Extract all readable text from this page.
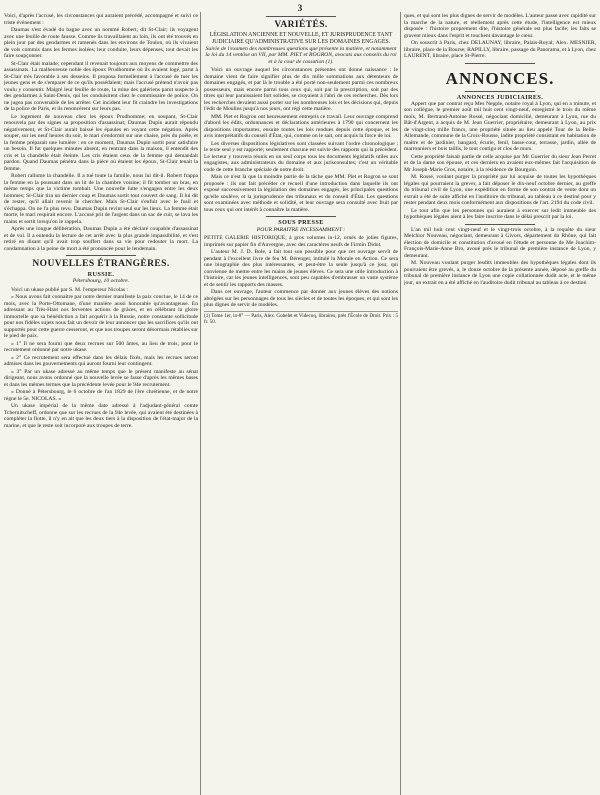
3

Voici, d'après l'accusé, les circonstances qui auraient précédé, accompagné et suivi ce triste événement :

Daumas s'est évadé du bagne avec un nommé Robert, dit St-Clair; ils voyagent avec une feuille de route fausse. Comme ils travaillaient au loin, ils ont été trouvés en plein jour par des gendarmes et ramenés dans les environs de Toulon, où ils vivaient de vols commis dans les fermes isolées; leur conduite, leurs dépenses, tout devait les faire soupçonner.

St-Clair était malade; cependant il revenait toujours aux moyens de commettre des assassinats. La malheureuse noble des époux Prudhomme où ils avaient logé, parut à St-Clair très favorable à ses desseins. Il proposa formellement à l'accusé de tuer les jeunes gens et de s'emparer de ce qu'ils possédaient; mais l'accusé prétend n'avoir pas voulu y consentir. Malgré leur feuille de route, la mine des galériens parut suspecte à des gendarmes à Saint-Denis, qui les conduisirent chez le commissaire de police. On ne jugea pas convenable de les arrêter. Cet incident leur fit craindre les investigations de la police de Paris, et ils renoncèrent sur leurs pas.

Le logement de nouveau chez les époux Prudhomme; en soupant, St-Clair renouvela par des signes sa proposition d'assassinat; Daumas Dupin aurait répondu négativement, et St-Clair aurait baissé les épaules en voyant cette négation. Après souper, sur les neuf heures du soir, le mari s'endormit sur une chaise, près du poêle, et la femme préparait une lumière : en ce moment, Daumas Dupin sortit pour satisfaire un besoin. Il fut quelques minutes absent; en rentrant dans la maison, il entendit des cris et la chandelle était éteinte. Les cris étaient ceux de la femme qui demandait pardon. Quand Daumas pénétra dans la pièce où étaient les époux, St-Clair tenait la femme.

Robert rallume la chandelle. Il a tué toute la famille, nous lui dit-il. Robert frappa la femme en la poussant dans un lit de la chambre voisine; il fit tomber un bras, en même temps que la victime tombait. Une nouvelle lutte s'engagea entre les deux hommes; St-Clair tira un dernier coup et Daumas sortit tout couvert de sang. Il lui dit de rester, qu'il allait revenir le chercher. Mais St-Clair s'enfuit avec le fusil et s'échappa. On ne l'a plus revu. Daumas Dupin revint seul sur les lieux. La femme était morte, le mari respirait encore. L'accusé prit de l'argent dans un sac de cuir, se lava les mains et sortit lorsqu'on le rappela.

Après une longue délibération, Daumas Dupin a été déclaré coupable d'assassinat et de vol. Il a entendu la lecture de cet arrêt avec la plus grande impassibilité, et s'est retiré en disant qu'il avait trop souffert dans sa vie pour redouter la mort. La condamnation à la peine de mort a été prononcée pour le lendemain.

NOUVELLES ÉTRANGÈRES.
RUSSIE.
Pétersbourg, 10 octobre.

Voici un ukase publié par S. M. l'empereur Nicolas :

« Nous avons fait connaître par notre dernier manifeste la paix conclue, le 14 de ce mois, avec la Porte-Ottomane, d'une manière aussi honorable qu'avantageuse. En adressant au Très-Haut nos ferventes actions de grâces, et en célébrant la gloire immortelle que sa bénédiction a fait acquérir à la Russie, notre constante sollicitude pour nos fidèles sujets nous fait un devoir de leur annoncer que les sacrifices qu'ils ont supportés pour cette guerre cesseront, et que nos troupes seront désormais rétablies sur le pied de paix.

« 1° Il ne sera fourni que deux recrues sur 500 âmes, au lieu de trois, pour le recrutement ordonné par notre ukase.

« 2° Ce recrutement sera effectué dans les délais fixés, mais les recrues seront admises dans les gouvernements qui auront fourni leur contingent.

« 3° Par un ukase adressé au même temps que le présent manifeste au sénat dirigeant, nous avons ordonné que la nouvelle levée se fasse d'après les mêmes bases et dans les mêmes termes que la précédente levée pour le 94e recrutement.

« Donné à Pétersbourg, le 6 octobre de l'an 1829 de l'ère chrétienne, et de notre règne le 5e. NICOLAS. »

Un ukase impérial de la même date adressé à l'adjudant-général comte Tchernitscheff, ordonne que sur les recrues de la 94e levée, qui avaient été destinées à compléter la flotte, il n'y en ait que les deux tiers à la disposition de l'état-major de la marine, et que le reste soit incorporé aux troupes de terre.

VARIÉTÉS.
LÉGISLATION ANCIENNE ET NOUVELLE, ET JURISPRUDENCE TANT JUDICIAIRE QU'ADMINISTRATIVE SUR LES DOMAINES ENGAGÉS.
Suivie de l'examen des nombreuses questions que présente la matière, et notamment la loi du 14 ventôse an VII, par MM. PIET et ROGRON, avocats aux conseils du roi et à la cour de cassation (1).

Voici un ouvrage auquel les circonstances présentes ont donné naissance : le domaine vient de faire signifier plus de dix mille sommations aux détenteurs de domaines engagés, et par là le trouble a été porté non-seulement parmi ces nombreux possesseurs, mais encore parmi tous ceux qui, soit par la prescription, soit par des titres qui leur paraissaient fort solides, se croyaient à l'abri de ces recherches. Dès lors les recherches devaient aussi porter sur les nombreuses lois et les décisions qui, depuis l'édit de Moulins jusqu'à nos jours, ont régi cette matière.

MM. Piet et Rogron ont heureusement entrepris ce travail. Leur ouvrage comprend d'abord les édits, ordonnances et déclarations antérieures à 1790 qui concernent les dispositions importantes, ensuite toutes les lois rendues depuis cette époque, et les avis interprétatifs du conseil d'État, qui, comme on le sait, ont acquis la force de loi.

Les diverses dispositions législatives sont classées suivant l'ordre chronologique ; le texte seul y est rapporté; seulement chacune est suivie des rapports qui la précèdent. Le lecteur y trouvera réunis en un seul corps tous les documents législatifs utiles aux engagistes, aux administrateurs du domaine et aux jurisconsultes; c'est un véritable code de cette branche spéciale de notre droit.

Mais ce n'est là que la moindre partie de la tâche que MM. Piet et Rogron se sont proposée : ils ont fait précéder ce recueil d'une introduction dans laquelle ils ont exposé successivement la législation des domaines engagés, les principales questions qu'elle soulève, et la jurisprudence des tribunaux et du conseil d'État. Les questions sont examinées avec méthode et solidité, et leur ouvrage sera consulté avec fruit par tous ceux qui ont intérêt à connaître la matière.

SOUS PRESSE
POUR PARAITRE INCESSAMMENT :

PETITE GALERIE HISTORIQUE, à gros volumes in-12, ornés de jolies figures, imprimés sur papier fin d'Auvergne, avec des caractères neufs de Firmin Didot.

L'auteur M. J. D. Bole, a fait tout son possible pour que cet ouvrage servît de pendant à l'excellent livre de feu M. Bérenger, intitulé la Morale en Action. Ce sera une biographie des plus intéressantes, et peut-être la seule jusqu'à ce jour, qui convienne de mettre entre les mains de jeunes élèves. Ce sera une utile introduction à l'histoire, car les jeunes intelligences, sont peu capables d'embrasser un vaste système et de sentir les rapports des masses.

Dans cet ouvrage, l'auteur commence par donner aux jeunes élèves des notions abrégées sur les personnages de tous les siècles et de toutes les époques, et qui sont les plus dignes de servir de modèles.

(1) Tome 1er, in-8° — Paris, Alex. Gobelet et Videcoq, libraires, près l'École de Droit. Prix : 5 fr. 50.

ques, et qui sont les plus dignes de servir de modèles. L'auteur passe avec rapidité sur la marche de la nature, et réellement après cette étude, l'intelligence est mieux disposée : l'histoire proprement dite, l'histoire générale est plus facile; les faits se gravent mieux dans l'esprit et touchent davantage le cœur.

On souscrit à Paris, chez DELAUNAY, libraire, Palais-Royal; Alex. MESNIER, libraire, place de la Bourse; RAPILLY, libraire, passage du Panorama, et à Lyon, chez LAURENT, libraire, place St-Pierre.

ANNONCES.
ANNONCES JUDICIAIRES.

Appert que par contrat reçu Mes Nepple, notaire royal à Lyon, qui en a minute, et son collègue, le premier août mil huit cent vingt-neuf, enregistré le trois du même mois, M. Bertrand-Antoine Rossé, négociant domicilié, demeurant à Lyon, rue du Bât-d'Argent, a acquis de M. Jean Guerrier, propriétaire, demeurant à Lyon, au prix de vingt-cinq mille francs, une propriété située au lieu appelé Tour de la Belle-Allemande, commune de la Croix-Rousse, ladite propriété consistant en habitation de maître et de jardinier, hangard, écurie, fenil, basse-cour, terrasse, jardin, allée de marronniers et bois taillis, le tout contigu et clos de murs.

Cette propriété faisait partie de celle acquise par Mr Guerrier du sieur Jean Perret et de la dame son épouse, et ces derniers en avaient eux-mêmes fait l'acquisition de Mr Joseph-Marie Gros, notaire, à la résidence de Bourgoin.

M. Rossé, voulant purger la propriété par lui acquise de toutes les hypothèques légales qui pourraient la grever, a fait déposer le dix-neuf octobre dernier, au greffe du tribunal civil de Lyon, une expédition en forme de son contrat de vente dont un extrait a été de suite affiché en l'auditoire du tribunal, au tableau à ce destiné pour y rester pendant deux mois conformément aux dispositions de l'art. 2194 du code civil.

Le tout afin que les personnes qui auraient à exercer sur ledit immeuble des hypothèques légales aient à les faire inscrire dans le délai prescrit par la loi.

L'an mil huit cent vingt-neuf et le vingt-trois octobre, à la requête du sieur Melchior Nouveau, négociant, demeurant à Givors, département du Rhône, qui fait élection de domicile et constitution d'avoué en l'étude et personne de Me Joachim-François-Marie-Anne Bro, avoué près le tribunal de première instance de Lyon, y demeurant.

M. Nouveau voulant purger lesdits immeubles des hypothèques légales dont ils pourraient être grevés, a, le douze octobre de la présente année, déposé au greffe du tribunal de première instance de Lyon une copie collationnée dudit acte, et le même jour, un extrait en a été affiché en l'auditoire dudit tribunal au tableau à ce destiné.
